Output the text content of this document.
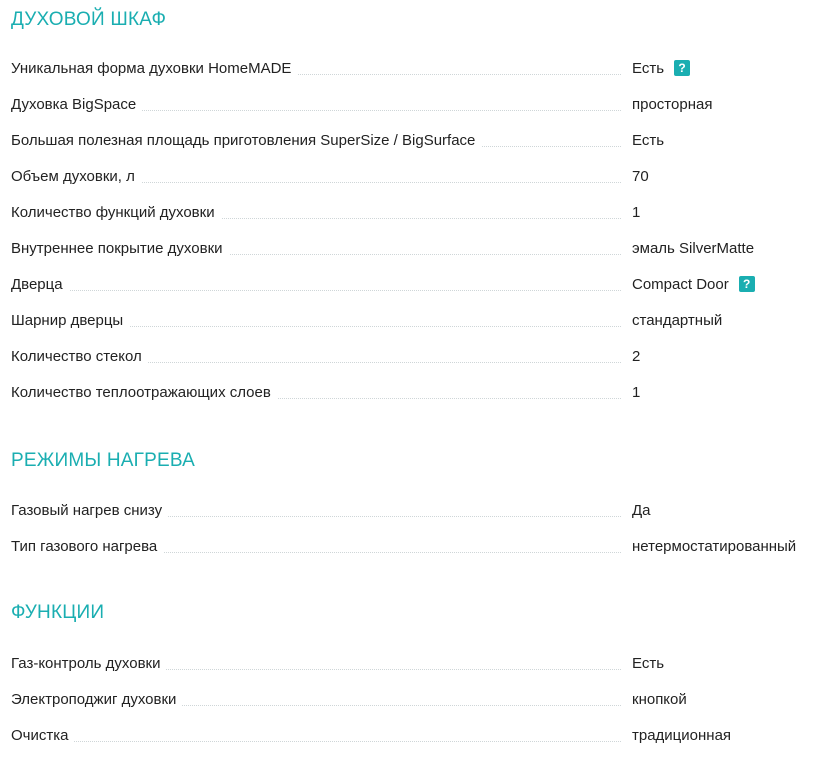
ДУХОВОЙ ШКАФ
Уникальная форма духовки HomeMADE	Есть	?
Духовка BigSpace	просторная
Большая полезная площадь приготовления SuperSize / BigSurface	Есть
Объем духовки, л	70
Количество функций духовки	1
Внутреннее покрытие духовки	эмаль SilverMatte
Дверца	Compact Door	?
Шарнир дверцы	стандартный
Количество стекол	2
Количество теплоотражающих слоев	1
РЕЖИМЫ НАГРЕВА
Газовый нагрев снизу	Да
Тип газового нагрева	нетермостатированный
ФУНКЦИИ
Газ-контроль духовки	Есть
Электроподжиг духовки	кнопкой
Очистка	традиционная
